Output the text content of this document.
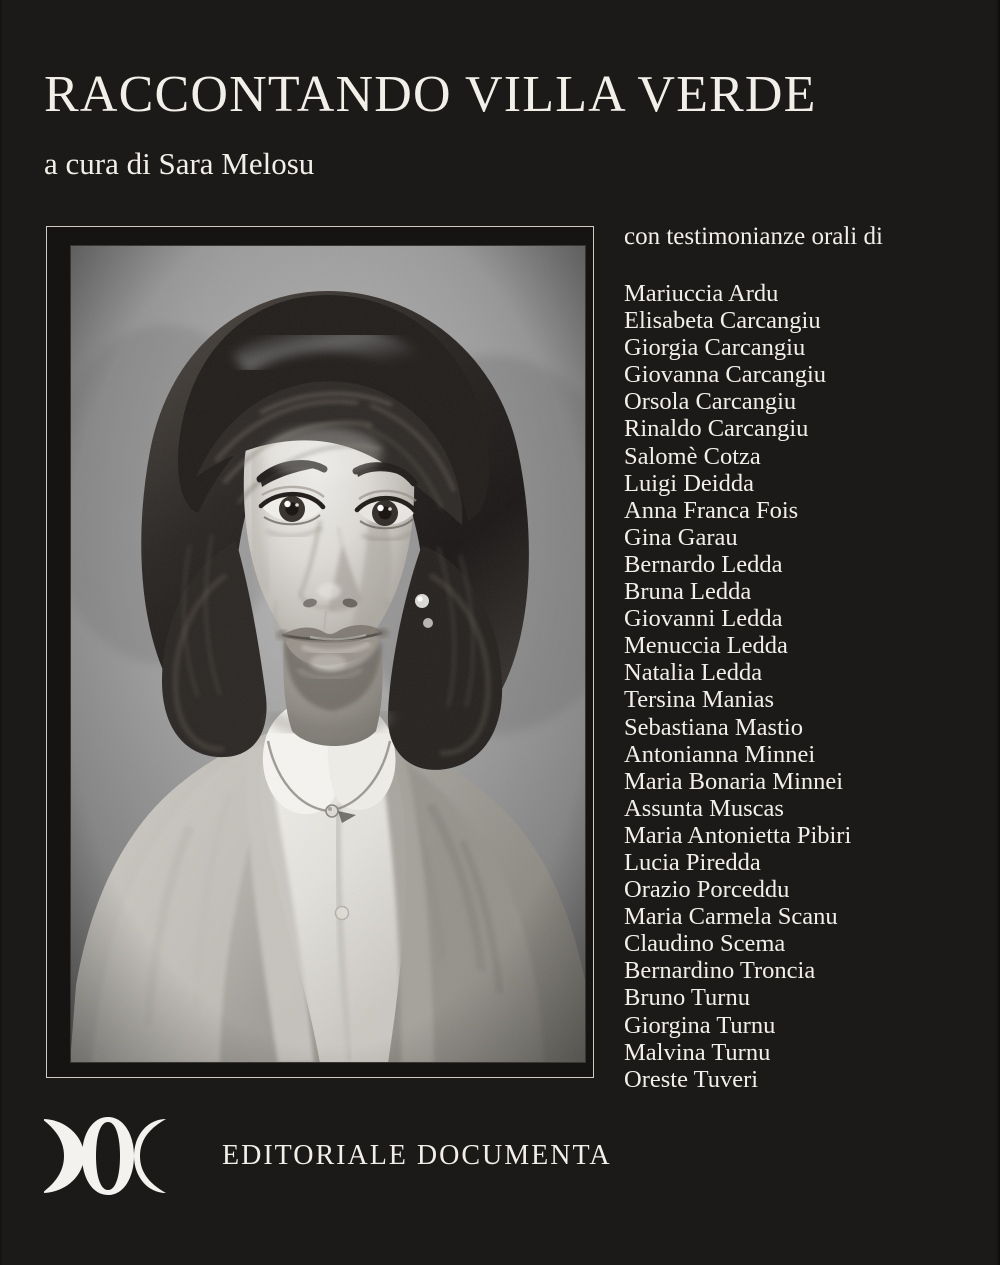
RACCONTANDO VILLA VERDE
a cura di Sara Melosu
con testimonianze orali di
Mariuccia Ardu
Elisabeta Carcangiu
Giorgia Carcangiu
Giovanna Carcangiu
Orsola Carcangiu
Rinaldo Carcangiu
Salomè Cotza
Luigi Deidda
Anna Franca Fois
Gina Garau
Bernardo Ledda
Bruna Ledda
Giovanni Ledda
Menuccia Ledda
Natalia Ledda
Tersina Manias
Sebastiana Mastio
Antonianna Minnei
Maria Bonaria Minnei
Assunta Muscas
Maria Antonietta Pibiri
Lucia Piredda
Orazio Porceddu
Maria Carmela Scanu
Claudino Scema
Bernardino Troncia
Bruno Turnu
Giorgina Turnu
Malvina Turnu
Oreste Tuveri
EDITORIALE DOCUMENTA
